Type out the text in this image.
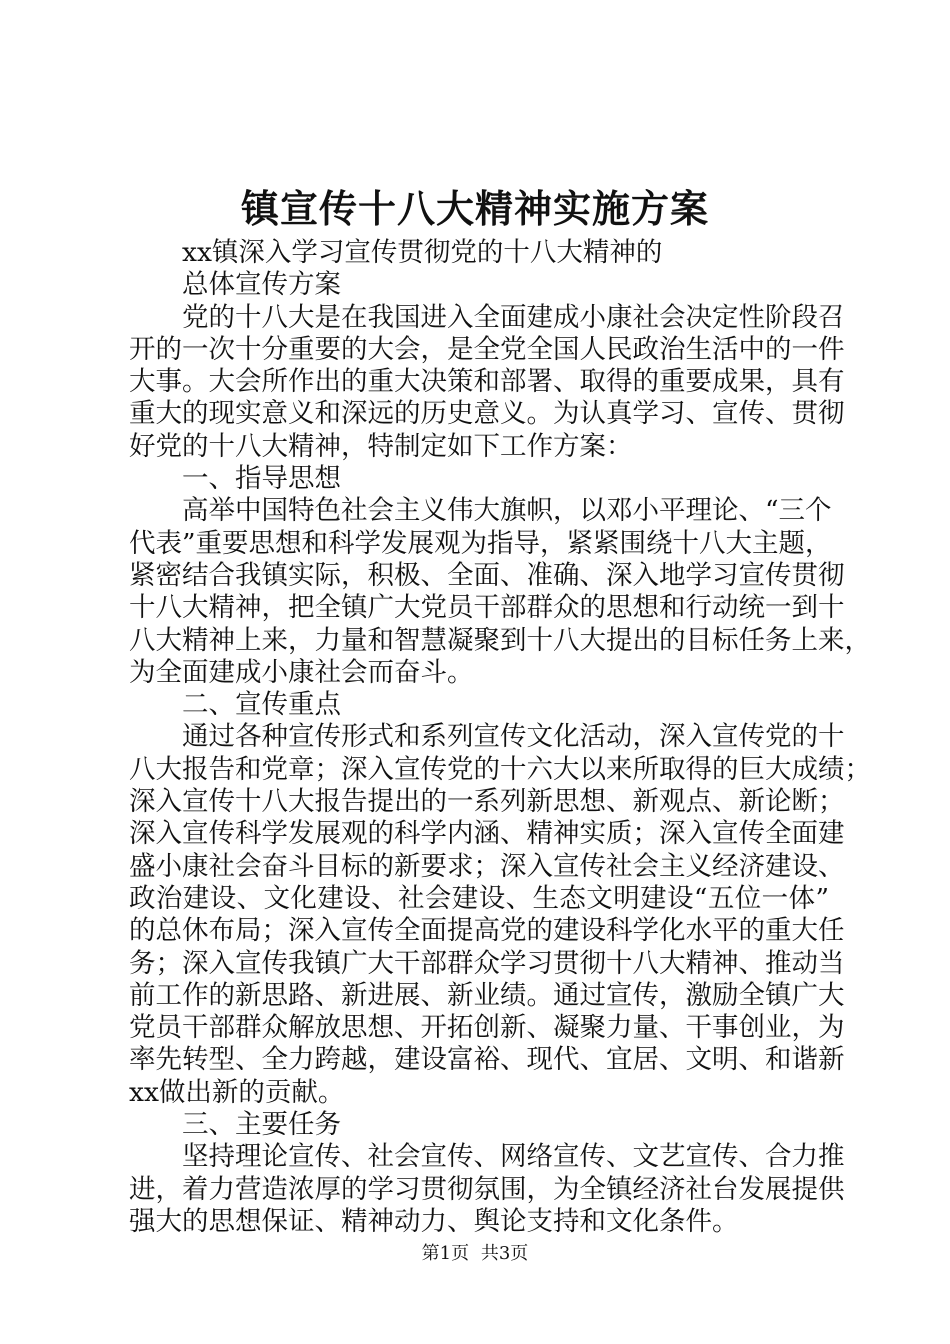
镇宣传十八大精神实施方案
xx镇深入学习宣传贯彻党的十八大精神的
总体宣传方案
党的十八大是在我国进入全面建成小康社会决定性阶段召
开的一次十分重要的大会，是全党全国人民政治生活中的一件
大事。大会所作出的重大决策和部署、取得的重要成果，具有
重大的现实意义和深远的历史意义。为认真学习、宣传、贯彻
好党的十八大精神，特制定如下工作方案：
一、指导思想
高举中国特色社会主义伟大旗帜，以邓小平理论、“三个
代表”重要思想和科学发展观为指导，紧紧围绕十八大主题，
紧密结合我镇实际，积极、全面、准确、深入地学习宣传贯彻
十八大精神，把全镇广大党员干部群众的思想和行动统一到十
八大精神上来，力量和智慧凝聚到十八大提出的目标任务上来，
为全面建成小康社会而奋斗。
二、宣传重点
通过各种宣传形式和系列宣传文化活动，深入宣传党的十
八大报告和党章；深入宣传党的十六大以来所取得的巨大成绩；
深入宣传十八大报告提出的一系列新思想、新观点、新论断；
深入宣传科学发展观的科学内涵、精神实质；深入宣传全面建
盛小康社会奋斗目标的新要求；深入宣传社会主义经济建设、
政治建设、文化建设、社会建设、生态文明建设“五位一体”
的总休布局；深入宣传全面提高党的建设科学化水平的重大任
务；深入宣传我镇广大干部群众学习贯彻十八大精神、推动当
前工作的新思路、新进展、新业绩。通过宣传，激励全镇广大
党员干部群众解放思想、开拓创新、凝聚力量、干事创业，为
率先转型、全力跨越，建设富裕、现代、宜居、文明、和谐新
xx做出新的贡献。
三、主要任务
坚持理论宣传、社会宣传、网络宣传、文艺宣传、合力推
进，着力营造浓厚的学习贯彻氛围，为全镇经济社台发展提供
强大的思想保证、精神动力、舆论支持和文化条件。
第1页 共3页
